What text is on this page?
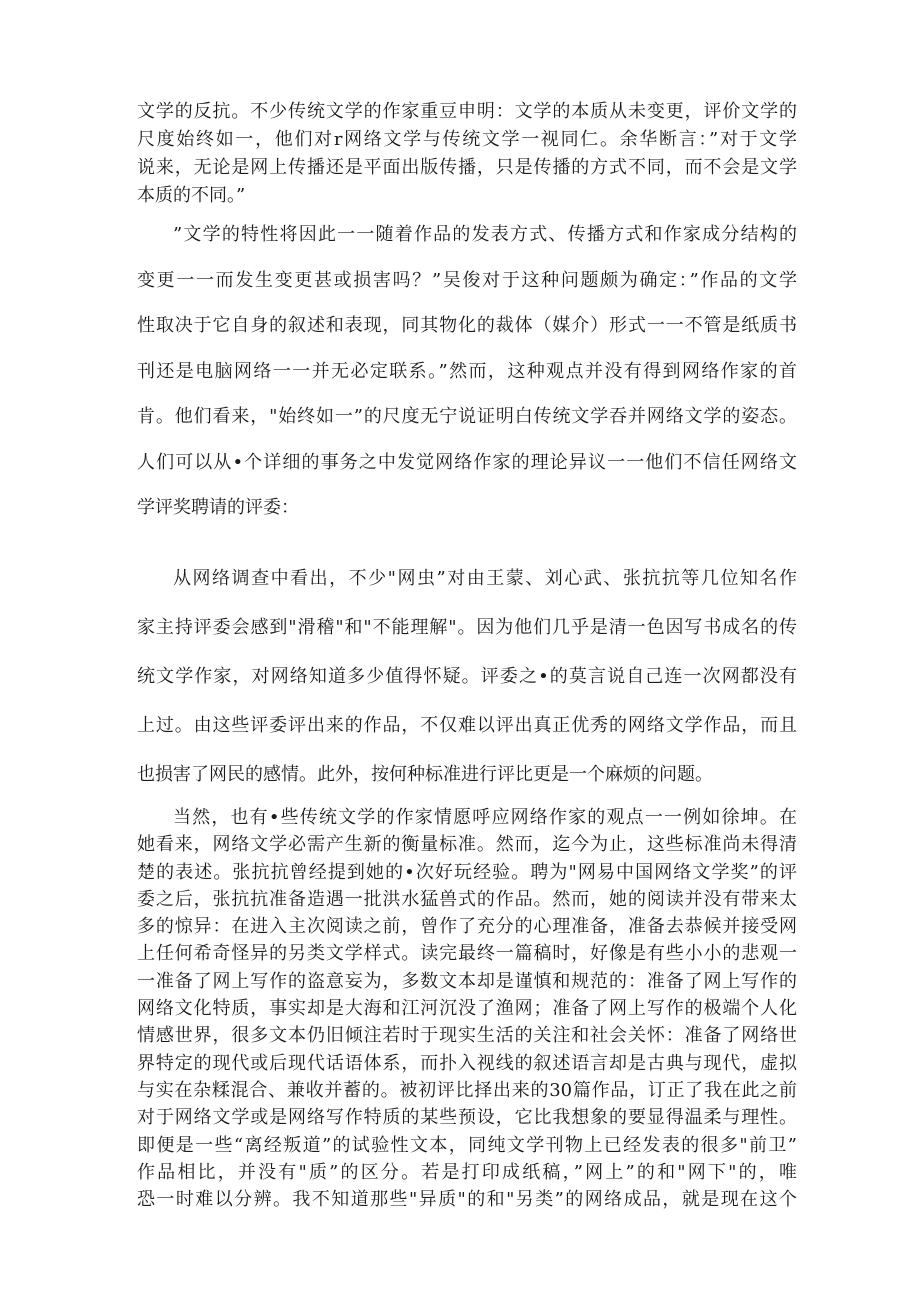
文学的反抗。不少传统文学的作家重豆申明：文学的本质从未变更，评价文学的
尺度始终如一，他们对r网络文学与传统文学一视同仁。余华断言：”对于文学
说来，无论是网上传播还是平面出版传播，只是传播的方式不同，而不会是文学
本质的不同。”
”文学的特性将因此一一随着作品的发表方式、传播方式和作家成分结构的
变更一一而发生变更甚或损害吗？”吴俊对于这种问题颇为确定：”作品的文学
性取决于它自身的叙述和表现，同其物化的裁体（媒介）形式一一不管是纸质书
刊还是电脑网络一一并无必定联系。”然而，这种观点并没有得到网络作家的首
肯。他们看来，"始终如一”的尺度无宁说证明白传统文学吞并网络文学的姿态。
人们可以从•个详细的事务之中发觉网络作家的理论异议一一他们不信任网络文
学评奖聘请的评委：
从网络调查中看出，不少"网虫”对由王蒙、刘心武、张抗抗等几位知名作
家主持评委会感到"滑稽"和"不能理解"。因为他们几乎是清一色因写书成名的传
统文学作家，对网络知道多少值得怀疑。评委之•的莫言说自己连一次网都没有
上过。由这些评委评出来的作品，不仅难以评出真正优秀的网络文学作品，而且
也损害了网民的感情。此外，按何种标准进行评比更是一个麻烦的问题。
当然，也有•些传统文学的作家情愿呼应网络作家的观点一一例如徐坤。在
她看来，网络文学必需产生新的衡量标准。然而，迄今为止，这些标准尚未得清
楚的表述。张抗抗曾经提到她的•次好玩经验。聘为"网易中国网络文学奖”的评
委之后，张抗抗准备造遇一批洪水猛兽式的作品。然而，她的阅读并没有带来太
多的惊异：在进入主次阅读之前，曾作了充分的心理准备，准备去恭候并接受网
上任何希奇怪异的另类文学样式。读完最终一篇稿时，好像是有些小小的悲观一
一准备了网上写作的盗意妄为，多数文本却是谨慎和规范的：准备了网上写作的
网络文化特质，事实却是大海和江河沉没了渔网；准备了网上写作的极端个人化
情感世界，很多文本仍旧倾注若时于现实生活的关注和社会关怀：准备了网络世
界特定的现代或后现代话语体系，而扑入视线的叙述语言却是古典与现代，虚拟
与实在杂糅混合、兼收并蓄的。被初评比择出来的30篇作品，订正了我在此之前
对于网络文学或是网络写作特质的某些预设，它比我想象的要显得温柔与理性。
即便是一些“离经叛道”的试验性文本，同纯文学刊物上已经发表的很多"前卫”
作品相比，并没有"质”的区分。若是打印成纸稿，”网上”的和"网下"的，唯
恐一时难以分辨。我不知道那些"异质"的和"另类”的网络成品，就是现在这个
